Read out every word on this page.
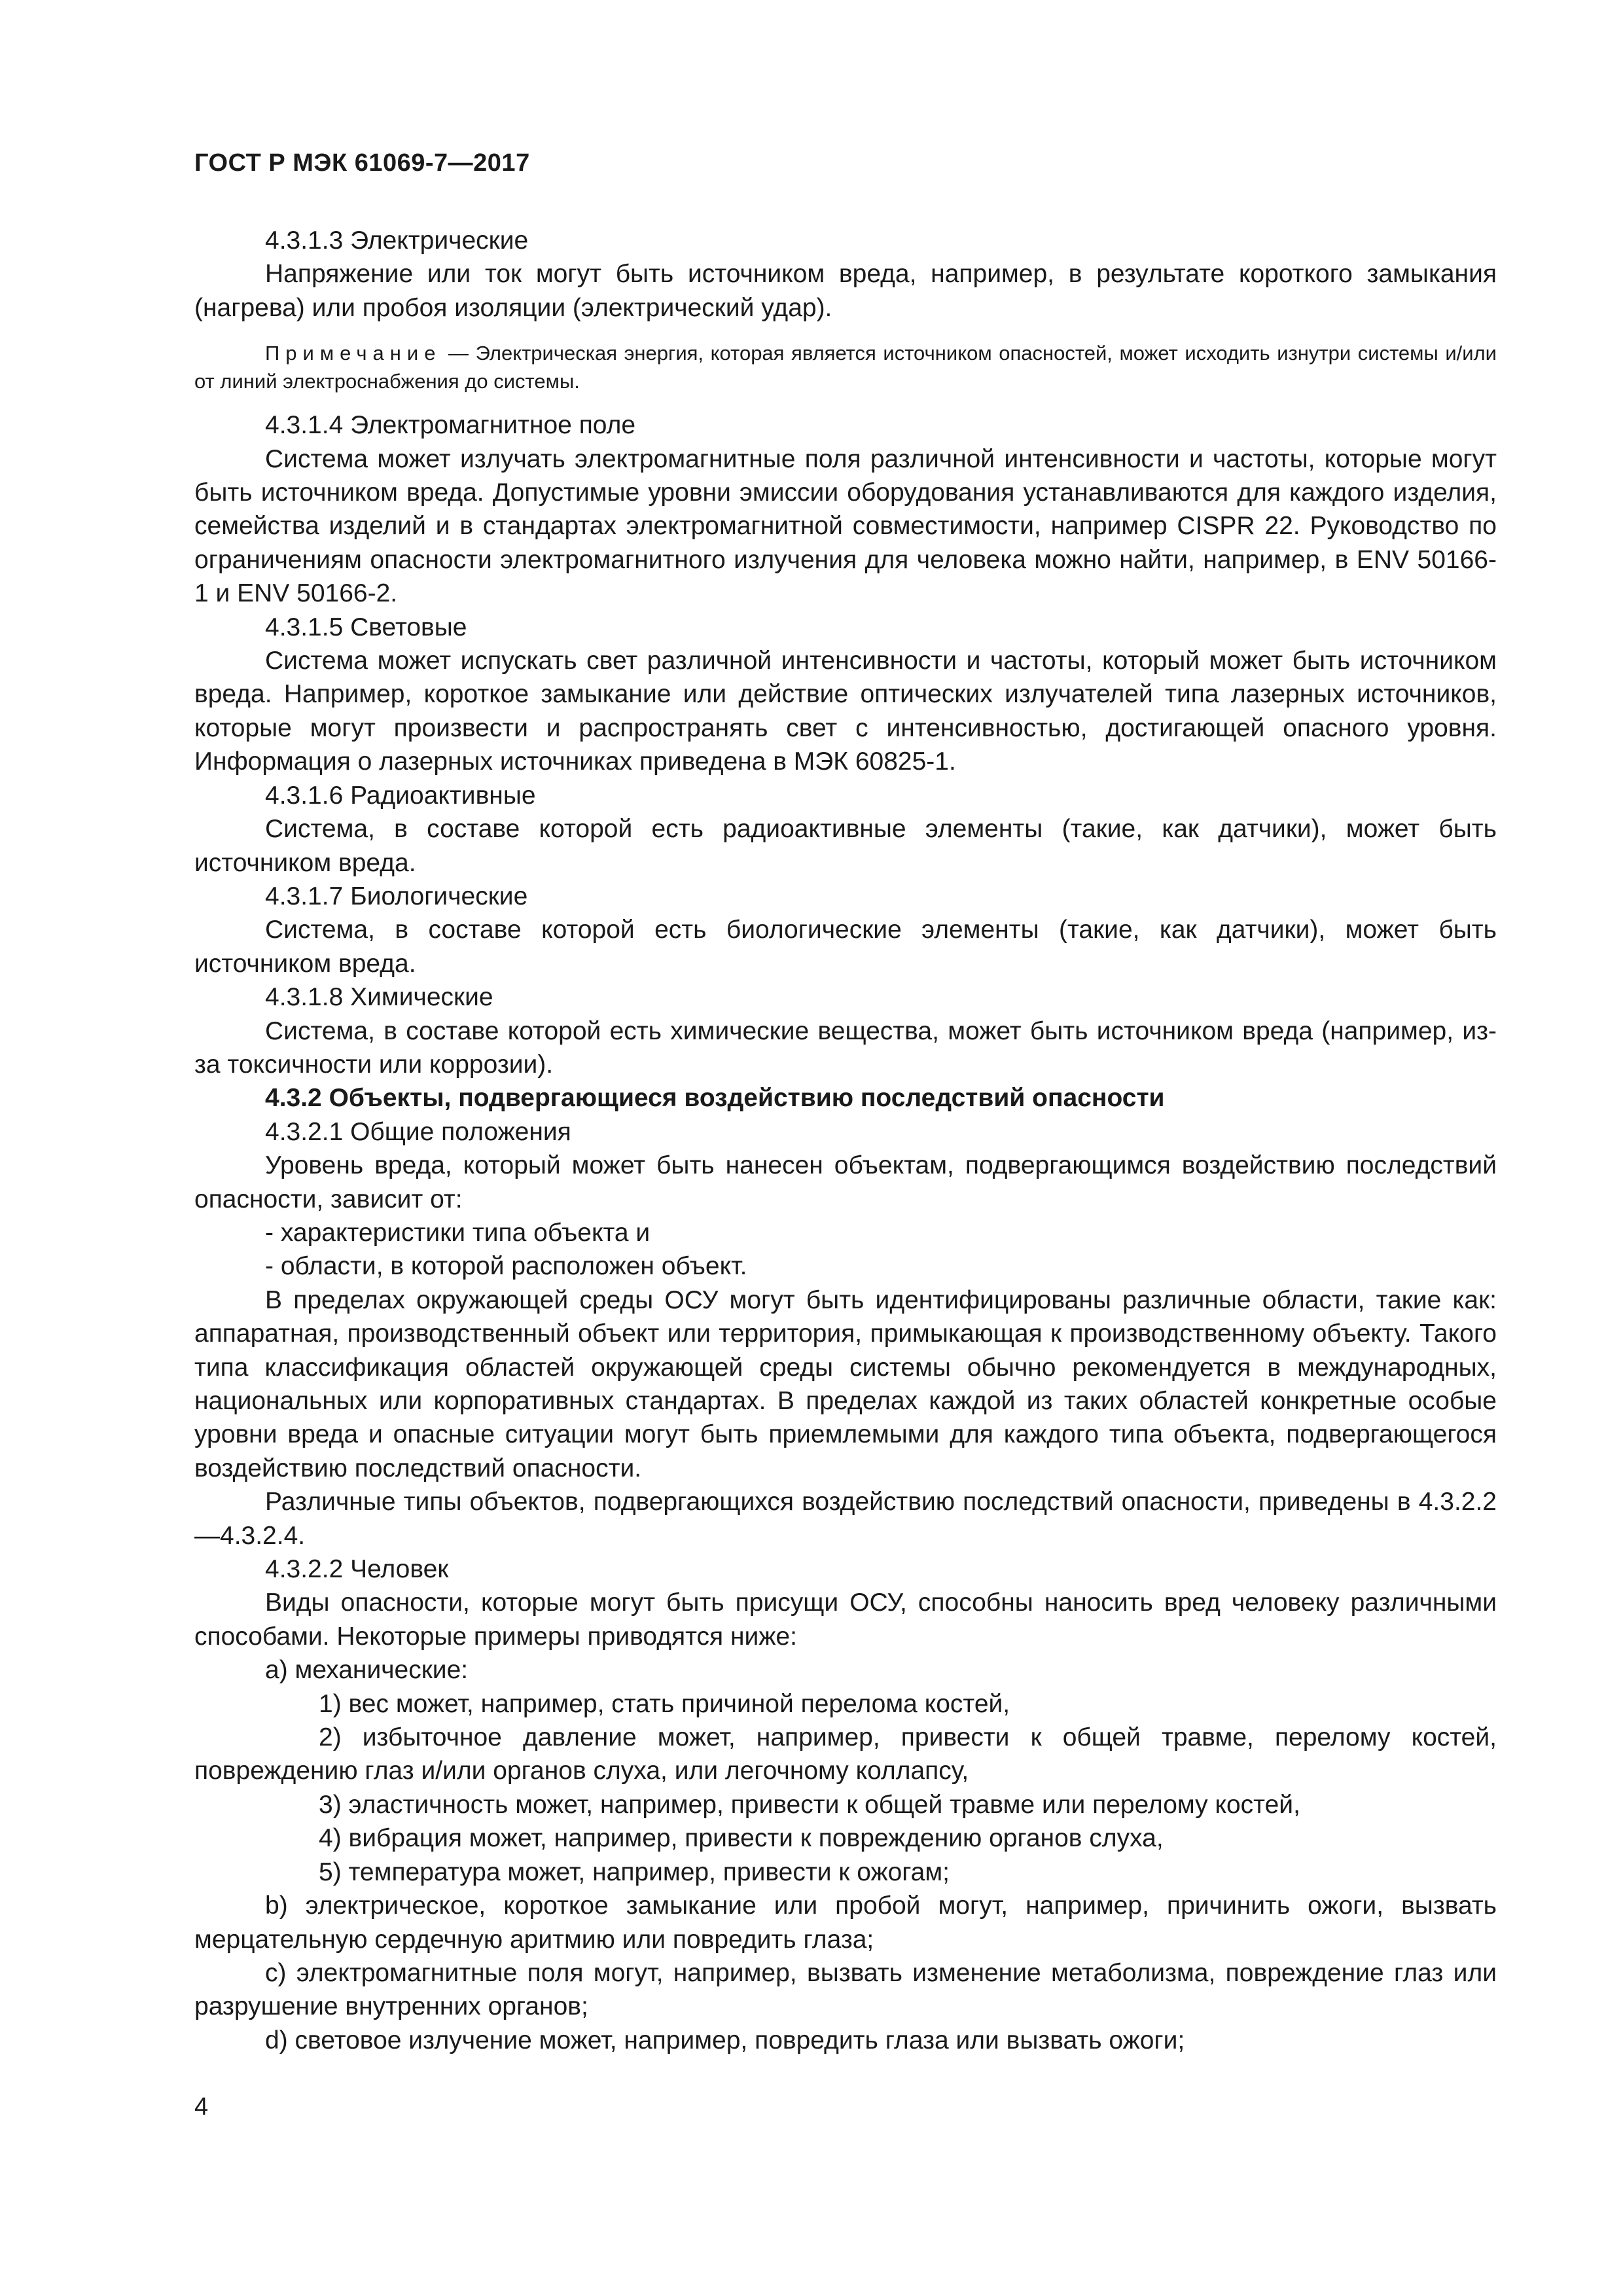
ГОСТ Р МЭК 61069-7—2017

4.3.1.3 Электрические

Напряжение или ток могут быть источником вреда, например, в результате короткого замыкания (нагрева) или пробоя изоляции (электрический удар).

Примечание — Электрическая энергия, которая является источником опасностей, может исходить изнутри системы и/или от линий электроснабжения до системы.

4.3.1.4 Электромагнитное поле

Система может излучать электромагнитные поля различной интенсивности и частоты, которые могут быть источником вреда. Допустимые уровни эмиссии оборудования устанавливаются для каждого изделия, семейства изделий и в стандартах электромагнитной совместимости, например CISPR 22. Руководство по ограничениям опасности электромагнитного излучения для человека можно найти, например, в ENV 50166-1 и ENV 50166-2.

4.3.1.5 Световые

Система может испускать свет различной интенсивности и частоты, который может быть источником вреда. Например, короткое замыкание или действие оптических излучателей типа лазерных источников, которые могут произвести и распространять свет с интенсивностью, достигающей опасного уровня. Информация о лазерных источниках приведена в МЭК 60825-1.

4.3.1.6 Радиоактивные

Система, в составе которой есть радиоактивные элементы (такие, как датчики), может быть источником вреда.

4.3.1.7 Биологические

Система, в составе которой есть биологические элементы (такие, как датчики), может быть источником вреда.

4.3.1.8 Химические

Система, в составе которой есть химические вещества, может быть источником вреда (например, из-за токсичности или коррозии).

4.3.2 Объекты, подвергающиеся воздействию последствий опасности

4.3.2.1 Общие положения

Уровень вреда, который может быть нанесен объектам, подвергающимся воздействию последствий опасности, зависит от:

- характеристики типа объекта и

- области, в которой расположен объект.

В пределах окружающей среды ОСУ могут быть идентифицированы различные области, такие как: аппаратная, производственный объект или территория, примыкающая к производственному объекту. Такого типа классификация областей окружающей среды системы обычно рекомендуется в международных, национальных или корпоративных стандартах. В пределах каждой из таких областей конкретные особые уровни вреда и опасные ситуации могут быть приемлемыми для каждого типа объекта, подвергающегося воздействию последствий опасности.

Различные типы объектов, подвергающихся воздействию последствий опасности, приведены в 4.3.2.2—4.3.2.4.

4.3.2.2 Человек

Виды опасности, которые могут быть присущи ОСУ, способны наносить вред человеку различными способами. Некоторые примеры приводятся ниже:

а) механические:

1) вес может, например, стать причиной перелома костей,

2) избыточное давление может, например, привести к общей травме, перелому костей, повреждению глаз и/или органов слуха, или легочному коллапсу,

3) эластичность может, например, привести к общей травме или перелому костей,

4) вибрация может, например, привести к повреждению органов слуха,

5) температура может, например, привести к ожогам;

b) электрическое, короткое замыкание или пробой могут, например, причинить ожоги, вызвать мерцательную сердечную аритмию или повредить глаза;

c) электромагнитные поля могут, например, вызвать изменение метаболизма, повреждение глаз или разрушение внутренних органов;

d) световое излучение может, например, повредить глаза или вызвать ожоги;

4
